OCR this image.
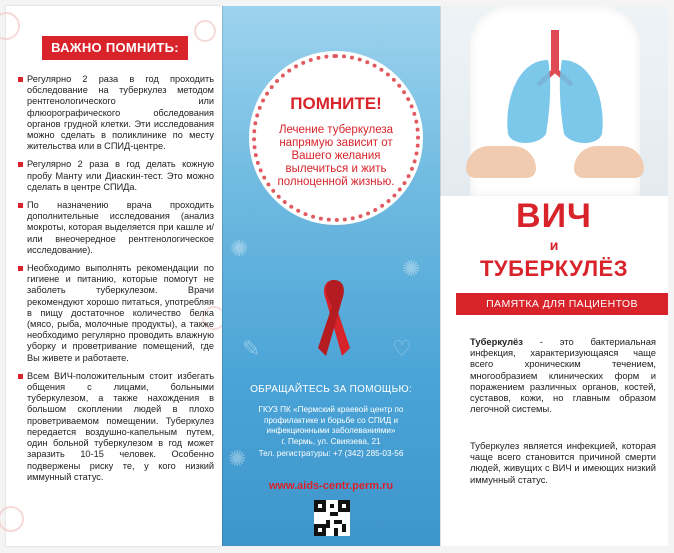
ВАЖНО ПОМНИТЬ:
Регулярно 2 раза в год проходить обследование на туберкулез методом рентгенологического или флюорографического обследования органов грудной клетки. Эти исследования можно сделать в поликлинике по месту жительства или в СПИД-центре.
Регулярно 2 раза в год делать кожную пробу Манту или Диаскин-тест. Это можно сделать в центре СПИДа.
По назначению врача проходить дополнительные исследования (анализ мокроты, которая выделяется при кашле и/или внеочередное рентгенологическое исследование).
Необходимо выполнять рекомендации по гигиене и питанию, которые помогут не заболеть туберкулезом. Врачи рекомендуют хорошо питаться, употребляя в пищу достаточное количество белка (мясо, рыба, молочные продукты), а также необходимо регулярно проводить влажную уборку и проветривание помещений, где Вы живете и работаете.
Всем ВИЧ-положительным стоит избегать общения с лицами, больными туберкулезом, а также нахождения в большом скоплении людей в плохо проветриваемом помещении. Туберкулез передается воздушно-капельным путем, один больной туберкулезом в год может заразить 10-15 человек. Особенно подвержены риску те, у кого низкий иммунный статус.
✺
✺
✎	♡
✺
ПОМНИТЕ!
Лечение туберкулеза напрямую зависит от Вашего желания вылечиться и жить полноценной жизнью.
ОБРАЩАЙТЕСЬ ЗА ПОМОЩЬЮ:
ГКУЗ ПК «Пермский краевой центр по профилактике и борьбе со СПИД и инфекционными заболеваниями»
г. Пермь, ул. Свиязева, 21
Тел. регистратуры: +7 (342) 285-03-56
www.aids-centr.perm.ru
ВИЧ
и
ТУБЕРКУЛЁЗ
ПАМЯТКА ДЛЯ ПАЦИЕНТОВ
Туберкулёз - это бактериальная инфекция, характеризующаяся чаще всего хроническим течением, многообразием клинических форм и поражением различных органов, костей, суставов, кожи, но главным образом легочной системы.
Туберкулез является инфекцией, которая чаще всего становится причиной смерти людей, живущих с ВИЧ и имеющих низкий иммунный статус.
